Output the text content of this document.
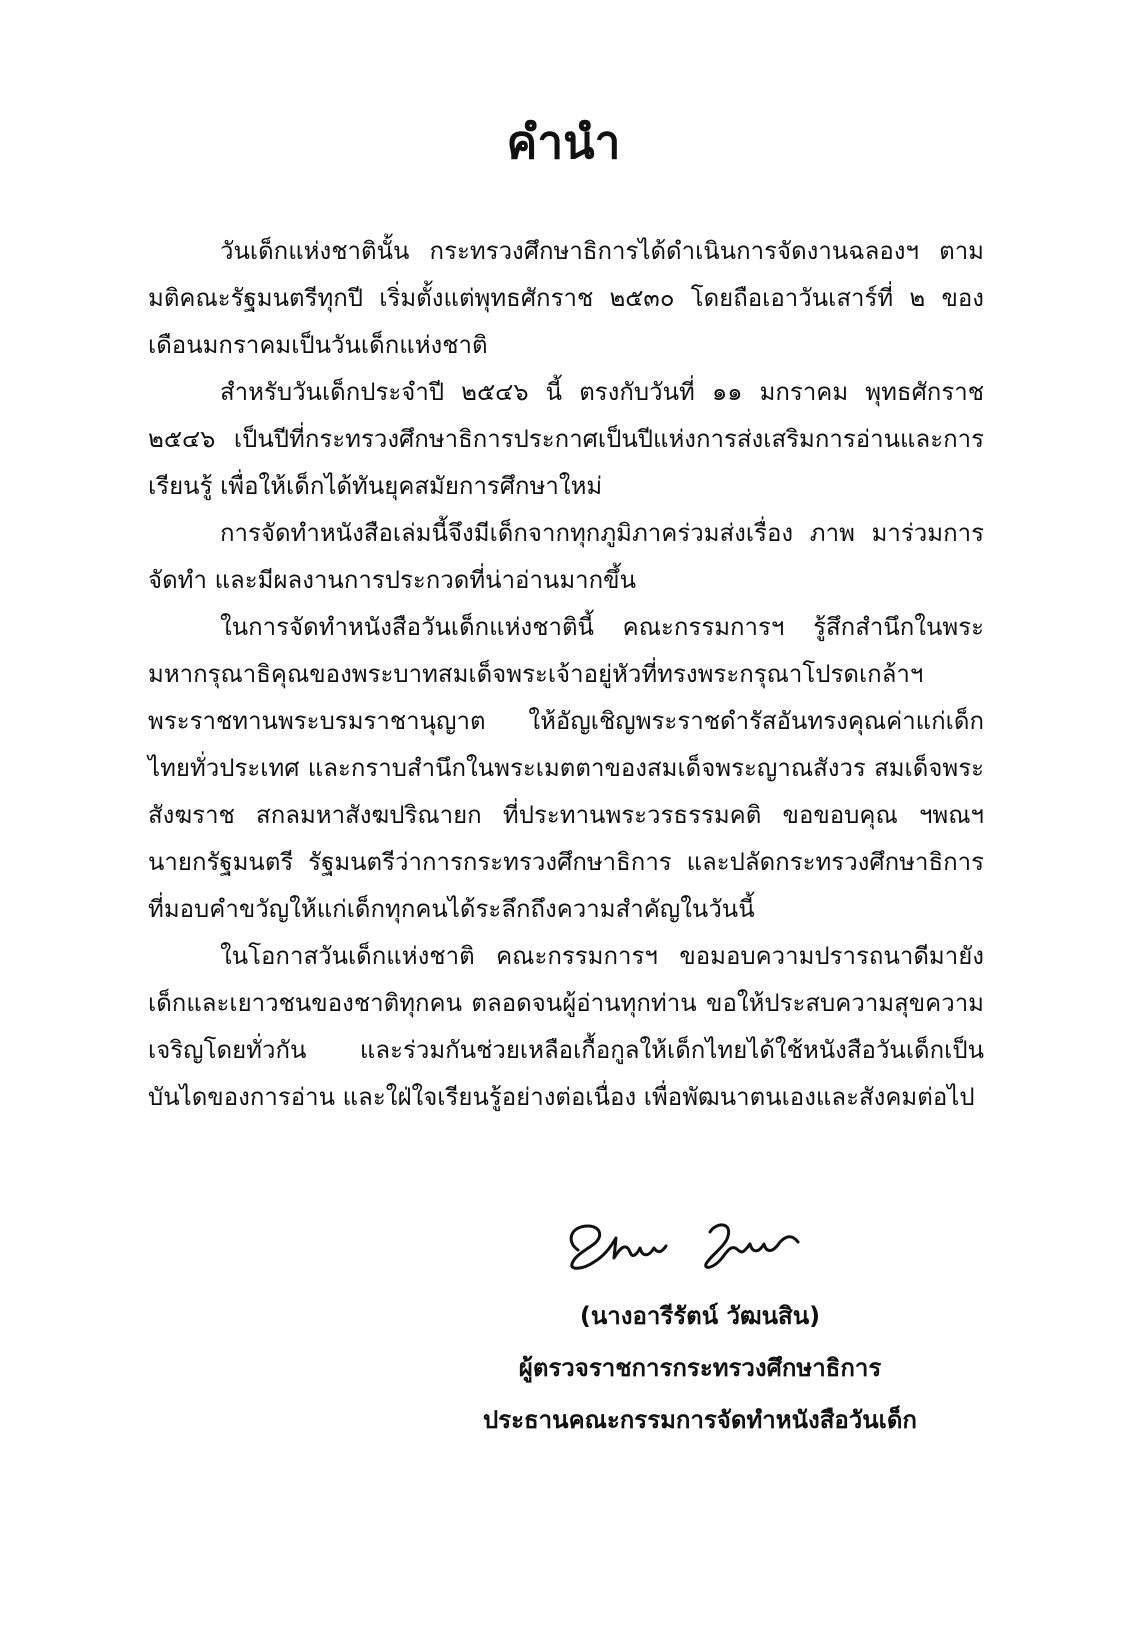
คำนำ

วันเด็กแห่งชาตินั้น กระทรวงศึกษาธิการได้ดำเนินการจัดงานฉลองฯ ตามมติคณะรัฐมนตรีทุกปี เริ่มตั้งแต่พุทธศักราช ๒๕๓๐ โดยถือเอาวันเสาร์ที่ ๒ ของเดือนมกราคมเป็นวันเด็กแห่งชาติ

สำหรับวันเด็กประจำปี ๒๕๔๖ นี้ ตรงกับวันที่ ๑๑ มกราคม พุทธศักราช ๒๕๔๖ เป็นปีที่กระทรวงศึกษาธิการประกาศเป็นปีแห่งการส่งเสริมการอ่านและการเรียนรู้ เพื่อให้เด็กได้ทันยุคสมัยการศึกษาใหม่

การจัดทำหนังสือเล่มนี้จึงมีเด็กจากทุกภูมิภาคร่วมส่งเรื่อง ภาพ มาร่วมการจัดทำ และมีผลงานการประกวดที่น่าอ่านมากขึ้น

ในการจัดทำหนังสือวันเด็กแห่งชาตินี้ คณะกรรมการฯ รู้สึกสำนึกในพระมหากรุณาธิคุณของพระบาทสมเด็จพระเจ้าอยู่หัวที่ทรงพระกรุณาโปรดเกล้าฯ พระราชทานพระบรมราชานุญาต ให้อัญเชิญพระราชดำรัสอันทรงคุณค่าแก่เด็กไทยทั่วประเทศ และกราบสำนึกในพระเมตตาของสมเด็จพระญาณสังวร สมเด็จพระสังฆราช สกลมหาสังฆปริณายก ที่ประทานพระวรธรรมคติ ขอขอบคุณ ฯพณฯ นายกรัฐมนตรี รัฐมนตรีว่าการกระทรวงศึกษาธิการ และปลัดกระทรวงศึกษาธิการที่มอบคำขวัญให้แก่เด็กทุกคนได้ระลึกถึงความสำคัญในวันนี้

ในโอกาสวันเด็กแห่งชาติ คณะกรรมการฯ ขอมอบความปรารถนาดีมายังเด็กและเยาวชนของชาติทุกคน ตลอดจนผู้อ่านทุกท่าน ขอให้ประสบความสุขความเจริญโดยทั่วกัน และร่วมกันช่วยเหลือเกื้อกูลให้เด็กไทยได้ใช้หนังสือวันเด็กเป็นบันไดของการอ่าน และใฝ่ใจเรียนรู้อย่างต่อเนื่อง เพื่อพัฒนาตนเองและสังคมต่อไป

(นางอารีรัตน์ วัฒนสิน)
ผู้ตรวจราชการกระทรวงศึกษาธิการ
ประธานคณะกรรมการจัดทำหนังสือวันเด็ก
